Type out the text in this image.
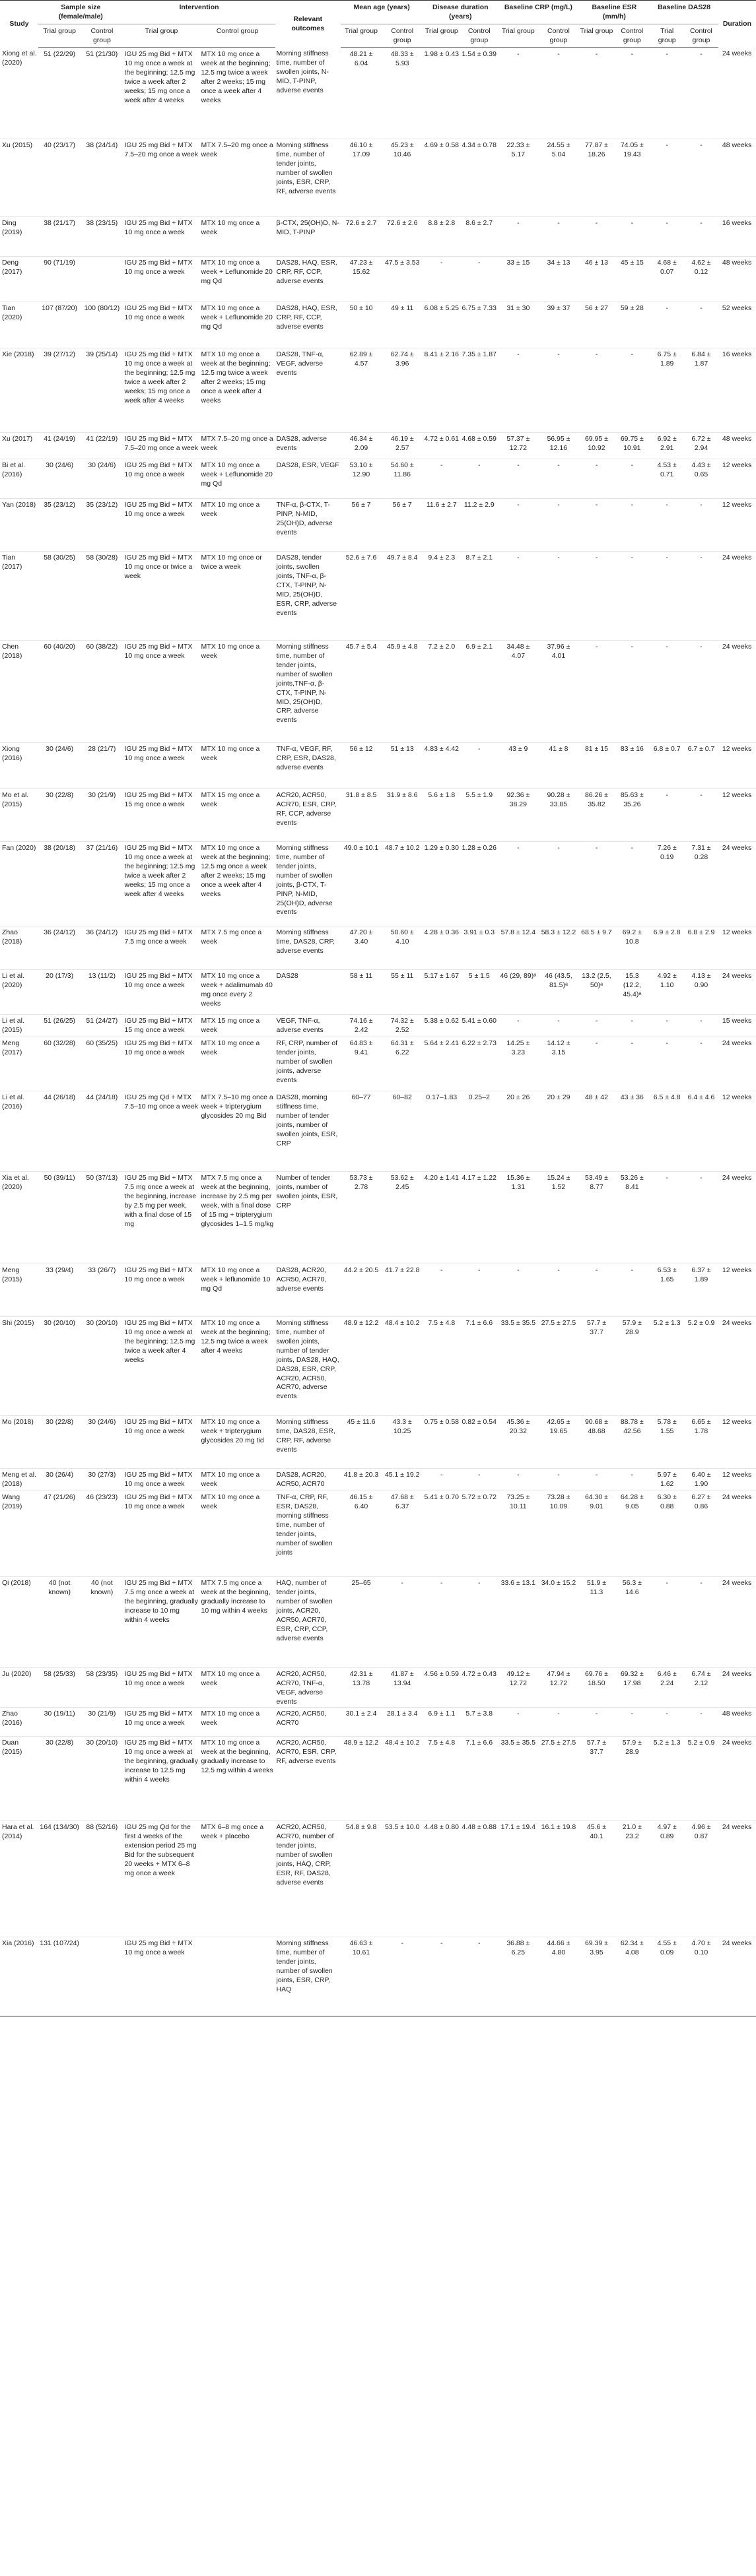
Study	Sample size (female/male)		Intervention		Relevant outcomes	Mean age (years)		Disease duration (years)		Baseline CRP (mg/L)		Baseline ESR (mm/h)		Baseline DAS28		Duration
	Trial group	Control group	Trial group	Control group		Trial group	Control group	Trial group	Control group	Trial group	Control group	Trial group	Control group	Trial group	Control group	
Xiong et al. (2020)	51 (22/29)	51 (21/30)	IGU 25 mg Bid + MTX 10 mg once a week at the beginning; 12.5 mg twice a week after 2 weeks; 15 mg once a week after 4 weeks	MTX 10 mg once a week at the beginning; 12.5 mg twice a week after 2 weeks; 15 mg once a week after 4 weeks	Morning stiffness time, number of swollen joints, N-MID, T-PINP, adverse events	48.21 ± 6.04	48.33 ± 5.93	1.98 ± 0.43	1.54 ± 0.39	-	-	-	-	-	-	24 weeks
Xu (2015)	40 (23/17)	38 (24/14)	IGU 25 mg Bid + MTX 7.5–20 mg once a week	MTX 7.5–20 mg once a week	Morning stiffness time, number of tender joints, number of swollen joints, ESR, CRP, RF, adverse events	46.10 ± 17.09	45.23 ± 10.46	4.69 ± 0.58	4.34 ± 0.78	22.33 ± 5.17	24.55 ± 5.04	77.87 ± 18.26	74.05 ± 19.43	-	-	48 weeks
Ding (2019)	38 (21/17)	38 (23/15)	IGU 25 mg Bid + MTX 10 mg once a week	MTX 10 mg once a week	β-CTX, 25(OH)D, N-MID, T-PINP	72.6 ± 2.7	72.6 ± 2.6	8.8 ± 2.8	8.6 ± 2.7	-	-	-	-	-	-	16 weeks
Deng (2017)	90 (71/19)		IGU 25 mg Bid + MTX 10 mg once a week	MTX 10 mg once a week + Leflunomide 20 mg Qd	DAS28, HAQ, ESR, CRP, RF, CCP, adverse events	47.23 ± 15.62	47.5 ± 3.53	-	-	33 ± 15	34 ± 13	46 ± 13	45 ± 15	4.68 ± 0.07	4.62 ± 0.12	48 weeks
Tian (2020)	107 (87/20)	100 (80/12)	IGU 25 mg Bid + MTX 10 mg once a week	MTX 10 mg once a week + Leflunomide 20 mg Qd	DAS28, HAQ, ESR, CRP, RF, CCP, adverse events	50 ± 10	49 ± 11	6.08 ± 5.25	6.75 ± 7.33	31 ± 30	39 ± 37	56 ± 27	59 ± 28	-	-	52 weeks
Xie (2018)	39 (27/12)	39 (25/14)	IGU 25 mg Bid + MTX 10 mg once a week at the beginning; 12.5 mg twice a week after 2 weeks; 15 mg once a week after 4 weeks	MTX 10 mg once a week at the beginning; 12.5 mg twice a week after 2 weeks; 15 mg once a week after 4 weeks	DAS28, TNF-α, VEGF, adverse events	62.89 ± 4.57	62.74 ± 3.96	8.41 ± 2.16	7.35 ± 1.87	-	-	-	-	6.75 ± 1.89	6.84 ± 1.87	16 weeks
Xu (2017)	41 (24/19)	41 (22/19)	IGU 25 mg Bid + MTX 7.5–20 mg once a week	MTX 7.5–20 mg once a week	DAS28, adverse events	46.34 ± 2.09	46.19 ± 2.57	4.72 ± 0.61	4.68 ± 0.59	57.37 ± 12.72	56.95 ± 12.16	69.95 ± 10.92	69.75 ± 10.91	6.92 ± 2.91	6.72 ± 2.94	48 weeks
Bi et al. (2016)	30 (24/6)	30 (24/6)	IGU 25 mg Bid + MTX 10 mg once a week	MTX 10 mg once a week + Leflunomide 20 mg Qd	DAS28, ESR, VEGF	53.10 ± 12.90	54.60 ± 11.86	-	-	-	-	-	-	4.53 ± 0.71	4.43 ± 0.65	12 weeks
Yan (2018)	35 (23/12)	35 (23/12)	IGU 25 mg Bid + MTX 10 mg once a week	MTX 10 mg once a week	TNF-α, β-CTX, T-PINP, N-MID, 25(OH)D, adverse events	56 ± 7	56 ± 7	11.6 ± 2.7	11.2 ± 2.9	-	-	-	-	-	-	12 weeks
Tian (2017)	58 (30/25)	58 (30/28)	IGU 25 mg Bid + MTX 10 mg once or twice a week	MTX 10 mg once or twice a week	DAS28, tender joints, swollen joints, TNF-α, β-CTX, T-PINP, N-MID, 25(OH)D, ESR, CRP, adverse events	52.6 ± 7.6	49.7 ± 8.4	9.4 ± 2.3	8.7 ± 2.1	-	-	-	-	-	-	24 weeks
Chen (2018)	60 (40/20)	60 (38/22)	IGU 25 mg Bid + MTX 10 mg once a week	MTX 10 mg once a week	Morning stiffness time, number of tender joints, number of swollen joints,TNF-α, β-CTX, T-PINP, N-MID, 25(OH)D, CRP, adverse events	45.7 ± 5.4	45.9 ± 4.8	7.2 ± 2.0	6.9 ± 2.1	34.48 ± 4.07	37.96 ± 4.01	-	-	-	-	24 weeks
Xiong (2016)	30 (24/6)	28 (21/7)	IGU 25 mg Bid + MTX 10 mg once a week	MTX 10 mg once a week	TNF-α, VEGF, RF, CRP, ESR, DAS28, adverse events	56 ± 12	51 ± 13	4.83 ± 4.42	-	43 ± 9	41 ± 8	81 ± 15	83 ± 16	6.8 ± 0.7	6.7 ± 0.7	12 weeks
Mo et al. (2015)	30 (22/8)	30 (21/9)	IGU 25 mg Bid + MTX 15 mg once a week	MTX 15 mg once a week	ACR20, ACR50, ACR70, ESR, CRP, RF, CCP, adverse events	31.8 ± 8.5	31.9 ± 8.6	5.6 ± 1.8	5.5 ± 1.9	92.36 ± 38.29	90.28 ± 33.85	86.26 ± 35.82	85.63 ± 35.26	-	-	12 weeks
Fan (2020)	38 (20/18)	37 (21/16)	IGU 25 mg Bid + MTX 10 mg once a week at the beginning; 12.5 mg twice a week after 2 weeks; 15 mg once a week after 4 weeks	MTX 10 mg once a week at the beginning; 12.5 mg once a week after 2 weeks; 15 mg once a week after 4 weeks	Morning stiffness time, number of tender joints, number of swollen joints, β-CTX, T-PINP, N-MID, 25(OH)D, adverse events	49.0 ± 10.1	48.7 ± 10.2	1.29 ± 0.30	1.28 ± 0.26	-	-	-	-	7.26 ± 0.19	7.31 ± 0.28	24 weeks
Zhao (2018)	36 (24/12)	36 (24/12)	IGU 25 mg Bid + MTX 7.5 mg once a week	MTX 7.5 mg once a week	Morning stiffness time, DAS28, CRP, adverse events	47.20 ± 3.40	50.60 ± 4.10	4.28 ± 0.36	3.91 ± 0.3	57.8 ± 12.4	58.3 ± 12.2	68.5 ± 9.7	69.2 ± 10.8	6.9 ± 2.8	6.8 ± 2.9	12 weeks
Li et al. (2020)	20 (17/3)	13 (11/2)	IGU 25 mg Bid + MTX 10 mg once a week	MTX 10 mg once a week + adalimumab 40 mg once every 2 weeks	DAS28	58 ± 11	55 ± 11	5.17 ± 1.67	5 ± 1.5	46 (29, 89)ᵃ	46 (43.5, 81.5)ᵃ	13.2 (2.5, 50)ᵃ	15.3 (12.2, 45.4)ᵃ	4.92 ± 1.10	4.13 ± 0.90	24 weeks
Li et al. (2015)	51 (26/25)	51 (24/27)	IGU 25 mg Bid + MTX 15 mg once a week	MTX 15 mg once a week	VEGF, TNF-α, adverse events	74.16 ± 2.42	74.32 ± 2.52	5.38 ± 0.62	5.41 ± 0.60	-	-	-	-	-	-	15 weeks
Meng (2017)	60 (32/28)	60 (35/25)	IGU 25 mg Bid + MTX 10 mg once a week	MTX 10 mg once a week	RF, CRP, number of tender joints, number of swollen joints, adverse events	64.83 ± 9.41	64.31 ± 6.22	5.64 ± 2.41	6.22 ± 2.73	14.25 ± 3.23	14.12 ± 3.15	-	-	-	-	24 weeks
Li et al. (2016)	44 (26/18)	44 (24/18)	IGU 25 mg Qd + MTX 7.5–10 mg once a week	MTX 7.5–10 mg once a week + tripterygium glycosides 20 mg Bid	DAS28, morning stiffness time, number of tender joints, number of swollen joints, ESR, CRP	60–77	60–82	0.17–1.83	0.25–2	20 ± 26	20 ± 29	48 ± 42	43 ± 36	6.5 ± 4.8	6.4 ± 4.6	12 weeks
Xia et al. (2020)	50 (39/11)	50 (37/13)	IGU 25 mg Bid + MTX 7.5 mg once a week at the beginning, increase by 2.5 mg per week, with a final dose of 15 mg	MTX 7.5 mg once a week at the beginning, increase by 2.5 mg per week, with a final dose of 15 mg + tripterygium glycosides 1–1.5 mg/kg	Number of tender joints, number of swollen joints, ESR, CRP	53.73 ± 2.78	53.62 ± 2.45	4.20 ± 1.41	4.17 ± 1.22	15.36 ± 1.31	15.24 ± 1.52	53.49 ± 8.77	53.26 ± 8.41	-	-	24 weeks
Meng (2015)	33 (29/4)	33 (26/7)	IGU 25 mg Bid + MTX 10 mg once a week	MTX 10 mg once a week + leflunomide 10 mg Qd	DAS28, ACR20, ACR50, ACR70, adverse events	44.2 ± 20.5	41.7 ± 22.8	-	-	-	-	-	-	6.53 ± 1.65	6.37 ± 1.89	12 weeks
Shi (2015)	30 (20/10)	30 (20/10)	IGU 25 mg Bid + MTX 10 mg once a week at the beginning; 12.5 mg twice a week after 4 weeks	MTX 10 mg once a week at the beginning; 12.5 mg twice a week after 4 weeks	Morning stiffness time, number of swollen joints, number of tender joints, DAS28, HAQ, DAS28, ESR, CRP, ACR20, ACR50, ACR70, adverse events	48.9 ± 12.2	48.4 ± 10.2	7.5 ± 4.8	7.1 ± 6.6	33.5 ± 35.5	27.5 ± 27.5	57.7 ± 37.7	57.9 ± 28.9	5.2 ± 1.3	5.2 ± 0.9	24 weeks
Mo (2018)	30 (22/8)	30 (24/6)	IGU 25 mg Bid + MTX 10 mg once a week	MTX 10 mg once a week + tripterygium glycosides 20 mg tid	Morning stiffness time, DAS28, ESR, CRP, RF, adverse events	45 ± 11.6	43.3 ± 10.25	0.75 ± 0.58	0.82 ± 0.54	45.36 ± 20.32	42.65 ± 19.65	90.68 ± 48.68	88.78 ± 42.56	5.78 ± 1.55	6.65 ± 1.78	12 weeks
Meng et al. (2018)	30 (26/4)	30 (27/3)	IGU 25 mg Bid + MTX 10 mg once a week	MTX 10 mg once a week	DAS28, ACR20, ACR50, ACR70	41.8 ± 20.3	45.1 ± 19.2	-	-	-	-	-	-	5.97 ± 1.62	6.40 ± 1.90	12 weeks
Wang (2019)	47 (21/26)	46 (23/23)	IGU 25 mg Bid + MTX 10 mg once a week	MTX 10 mg once a week	TNF-α, CRP, RF, ESR, DAS28, morning stiffness time, number of tender joints, number of swollen joints	46.15 ± 6.40	47.68 ± 6.37	5.41 ± 0.70	5.72 ± 0.72	73.25 ± 10.11	73.28 ± 10.09	64.30 ± 9.01	64.28 ± 9.05	6.30 ± 0.88	6.27 ± 0.86	24 weeks
Qi (2018)	40 (not known)	40 (not known)	IGU 25 mg Bid + MTX 7.5 mg once a week at the beginning, gradually increase to 10 mg within 4 weeks	MTX 7.5 mg once a week at the beginning, gradually increase to 10 mg within 4 weeks	HAQ, number of tender joints, number of swollen joints, ACR20, ACR50, ACR70, ESR, CRP, CCP, adverse events	25–65	-	-	-	33.6 ± 13.1	34.0 ± 15.2	51.9 ± 11.3	56.3 ± 14.6	-	-	24 weeks
Ju (2020)	58 (25/33)	58 (23/35)	IGU 25 mg Bid + MTX 10 mg once a week	MTX 10 mg once a week	ACR20, ACR50, ACR70, TNF-α, VEGF, adverse events	42.31 ± 13.78	41.87 ± 13.94	4.56 ± 0.59	4.72 ± 0.43	49.12 ± 12.72	47.94 ± 12.72	69.76 ± 18.50	69.32 ± 17.98	6.46 ± 2.24	6.74 ± 2.12	24 weeks
Zhao (2016)	30 (19/11)	30 (21/9)	IGU 25 mg Bid + MTX 10 mg once a week	MTX 10 mg once a week	ACR20, ACR50, ACR70	30.1 ± 2.4	28.1 ± 3.4	6.9 ± 1.1	5.7 ± 3.8	-	-	-	-	-	-	48 weeks
Duan (2015)	30 (22/8)	30 (20/10)	IGU 25 mg Bid + MTX 10 mg once a week at the beginning, gradually increase to 12.5 mg within 4 weeks	MTX 10 mg once a week at the beginning, gradually increase to 12.5 mg within 4 weeks	ACR20, ACR50, ACR70, ESR, CRP, RF, adverse events	48.9 ± 12.2	48.4 ± 10.2	7.5 ± 4.8	7.1 ± 6.6	33.5 ± 35.5	27.5 ± 27.5	57.7 ± 37.7	57.9 ± 28.9	5.2 ± 1.3	5.2 ± 0.9	24 weeks
Hara et al. (2014)	164 (134/30)	88 (52/16)	IGU 25 mg Qd for the first 4 weeks of the extension period 25 mg Bid for the subsequent 20 weeks + MTX 6–8 mg once a week	MTX 6–8 mg once a week + placebo	ACR20, ACR50, ACR70, number of tender joints, number of swollen joints, HAQ, CRP, ESR, RF, DAS28, adverse events	54.8 ± 9.8	53.5 ± 10.0	4.48 ± 0.80	4.48 ± 0.88	17.1 ± 19.4	16.1 ± 19.8	45.6 ± 40.1	21.0 ± 23.2	4.97 ± 0.89	4.96 ± 0.87	24 weeks
Xia (2016)	131 (107/24)		IGU 25 mg Bid + MTX 10 mg once a week		Morning stiffness time, number of tender joints, number of swollen joints, ESR, CRP, HAQ	46.63 ± 10.61	-	-	-	36.88 ± 6.25	44.66 ± 4.80	69.39 ± 3.95	62.34 ± 4.08	4.55 ± 0.09	4.70 ± 0.10	24 weeks
